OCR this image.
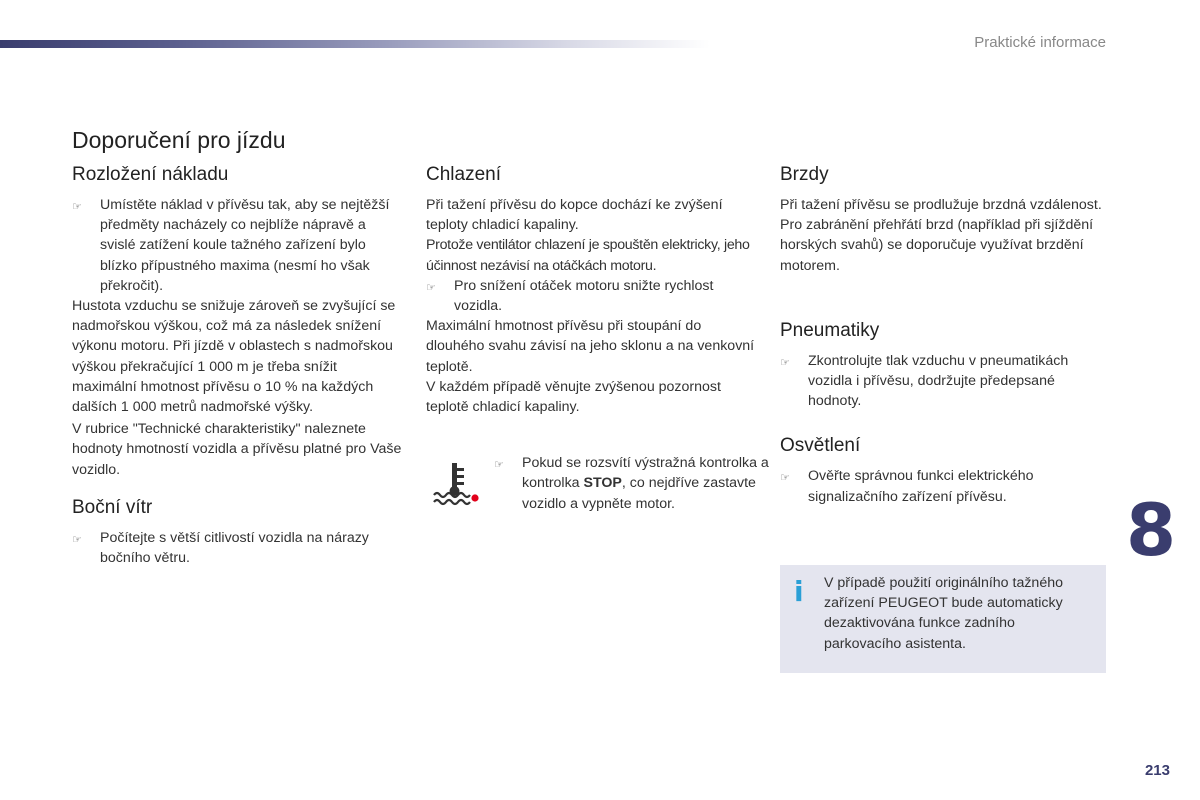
Praktické informace
Doporučení pro jízdu
Rozložení nákladu

☞ Umístěte náklad v přívěsu tak, aby se nejtěžší předměty nacházely co nejblíže nápravě a svislé zatížení koule tažného zařízení bylo blízko přípustného maxima (nesmí ho však překročit).

Hustota vzduchu se snižuje zároveň se zvyšující se nadmořskou výškou, což má za následek snížení výkonu motoru. Při jízdě v oblastech s nadmořskou výškou překračující 1 000 m je třeba snížit maximální hmotnost přívěsu o 10 % na každých dalších 1 000 metrů nadmořské výšky.

V rubrice "Technické charakteristiky" naleznete hodnoty hmotností vozidla a přívěsu platné pro Vaše vozidlo.

Boční vítr

☞ Počítejte s větší citlivostí vozidla na nárazy bočního větru.

Chlazení

Při tažení přívěsu do kopce dochází ke zvýšení teploty chladicí kapaliny.

Protože ventilátor chlazení je spouštěn elektricky, jeho účinnost nezávisí na otáčkách motoru.

☞ Pro snížení otáček motoru snižte rychlost vozidla.

Maximální hmotnost přívěsu při stoupání do dlouhého svahu závisí na jeho sklonu a na venkovní teplotě.

V každém případě věnujte zvýšenou pozornost teplotě chladicí kapaliny.

☞ Pokud se rozsvítí výstražná kontrolka a kontrolka STOP, co nejdříve zastavte vozidlo a vypněte motor.

Brzdy

Při tažení přívěsu se prodlužuje brzdná vzdálenost.

Pro zabránění přehřátí brzd (například při sjíždění horských svahů) se doporučuje využívat brzdění motorem.

Pneumatiky

☞ Zkontrolujte tlak vzduchu v pneumatikách vozidla i přívěsu, dodržujte předepsané hodnoty.

Osvětlení

☞ Ověřte správnou funkci elektrického signalizačního zařízení přívěsu.

i V případě použití originálního tažného zařízení PEUGEOT bude automaticky dezaktivována funkce zadního parkovacího asistenta.
8
213
